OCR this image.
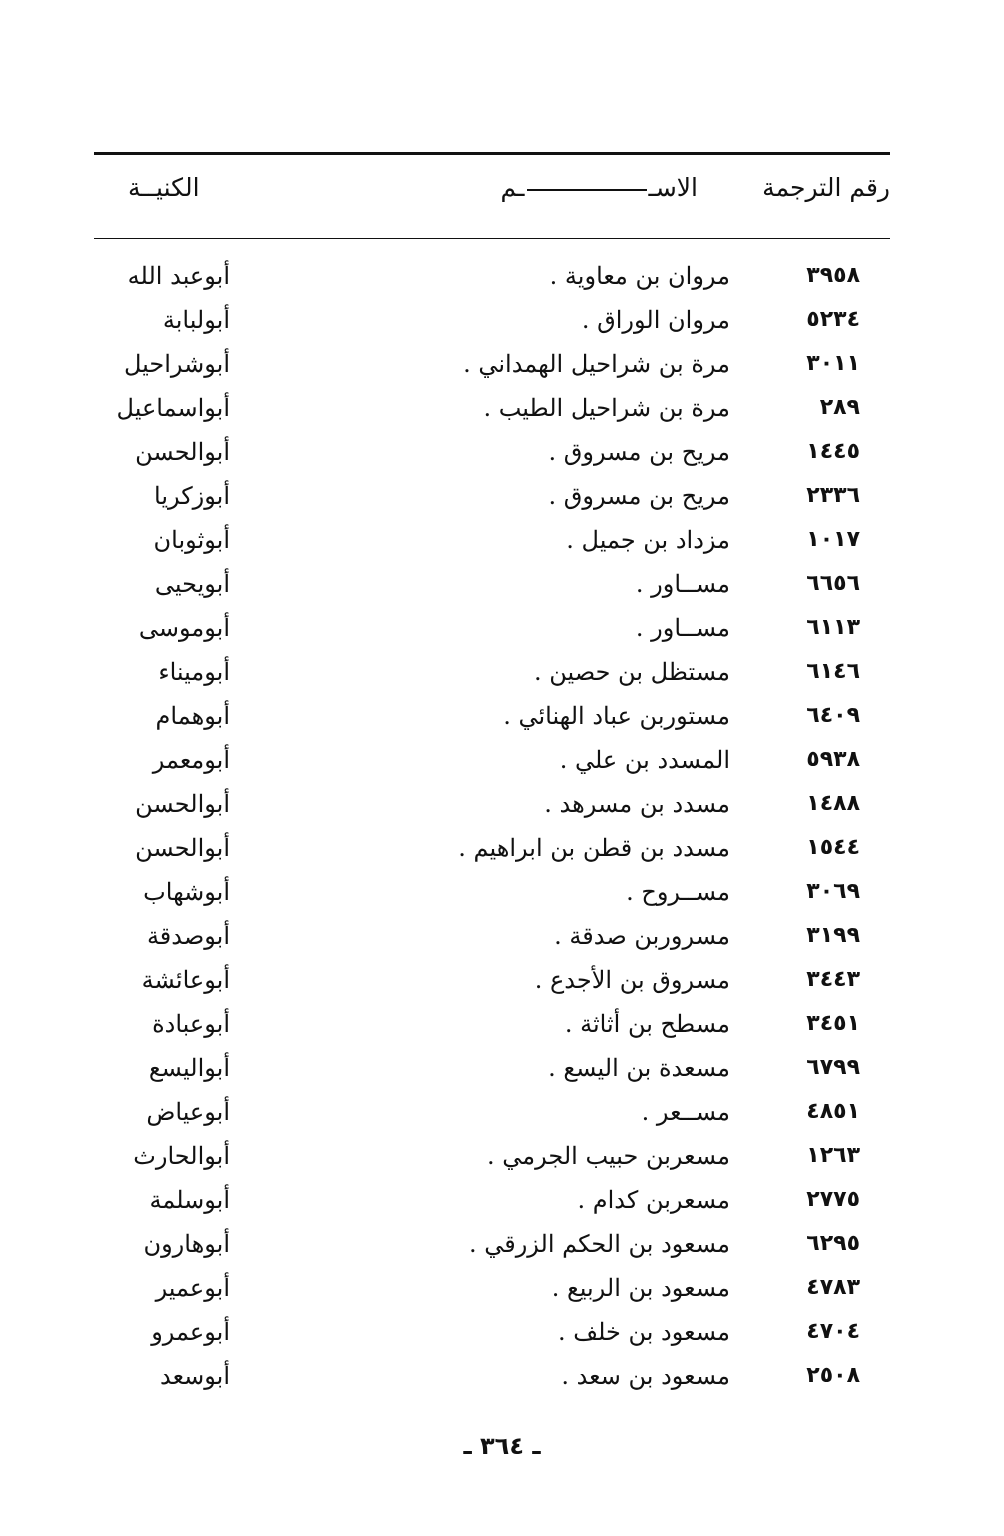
رقم الترجمة
الاســم
الكنيــة
٣٩٥٨
مروان بن معاوية .
أبوعبد الله
٥٢٣٤
مروان الوراق .
أبولبابة
٣٠١١
مرة بن شراحيل الهمداني .
أبوشراحيل
٢٨٩
مرة بن شراحيل الطيب .
أبواسماعيل
١٤٤٥
مريح بن مسروق .
أبوالحسن
٢٣٣٦
مريح بن مسروق .
أبوزكريا
١٠١٧
مزداد بن جميل .
أبوثوبان
٦٦٥٦
مســاور .
أبويحيى
٦١١٣
مســاور .
أبوموسى
٦١٤٦
مستظل بن حصين .
أبوميناء
٦٤٠٩
مستوربن عباد الهنائي .
أبوهمام
٥٩٣٨
المسدد بن علي .
أبومعمر
١٤٨٨
مسدد بن مسرهد .
أبوالحسن
١٥٤٤
مسدد بن قطن بن ابراهيم .
أبوالحسن
٣٠٦٩
مســروح .
أبوشهاب
٣١٩٩
مسروربن صدقة .
أبوصدقة
٣٤٤٣
مسروق بن الأجدع .
أبوعائشة
٣٤٥١
مسطح بن أثاثة .
أبوعبادة
٦٧٩٩
مسعدة بن اليسع .
أبواليسع
٤٨٥١
مســعر .
أبوعياض
١٢٦٣
مسعربن حبيب الجرمي .
أبوالحارث
٢٧٧٥
مسعربن كدام .
أبوسلمة
٦٢٩٥
مسعود بن الحكم الزرقي .
أبوهارون
٤٧٨٣
مسعود بن الربيع .
أبوعمير
٤٧٠٤
مسعود بن خلف .
أبوعمرو
٢٥٠٨
مسعود بن سعد .
أبوسعد
ـ ٣٦٤ ـ
